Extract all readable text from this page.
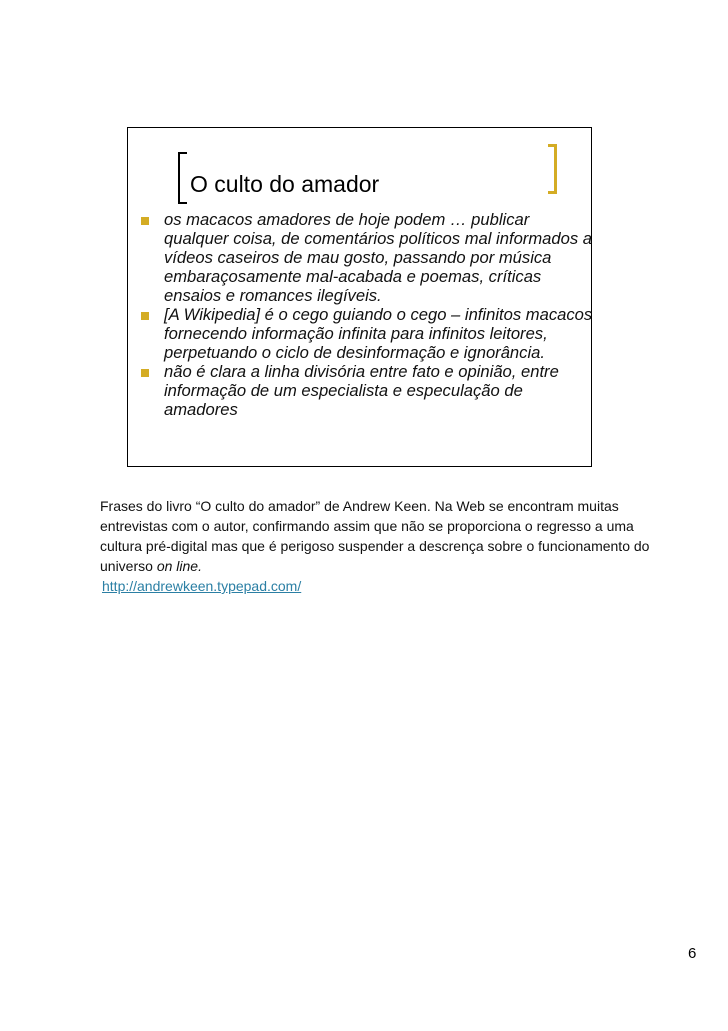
O culto do amador
os macacos amadores de hoje podem … publicar qualquer coisa, de comentários políticos mal informados a vídeos caseiros de mau gosto, passando por música embaraçosamente mal-acabada e poemas, críticas ensaios e romances ilegíveis.
[A Wikipedia] é o cego guiando o cego – infinitos macacos fornecendo informação infinita para infinitos leitores, perpetuando o ciclo de desinformação e ignorância.
não é clara a linha divisória entre fato e opinião, entre informação de um especialista e especulação de amadores

Frases do livro “O culto do amador” de Andrew Keen. Na Web se encontram muitas entrevistas com o autor, confirmando assim que não se proporciona o regresso a uma cultura pré-digital mas que é perigoso suspender a descrença sobre o funcionamento do universo on line.

http://andrewkeen.typepad.com/
6
